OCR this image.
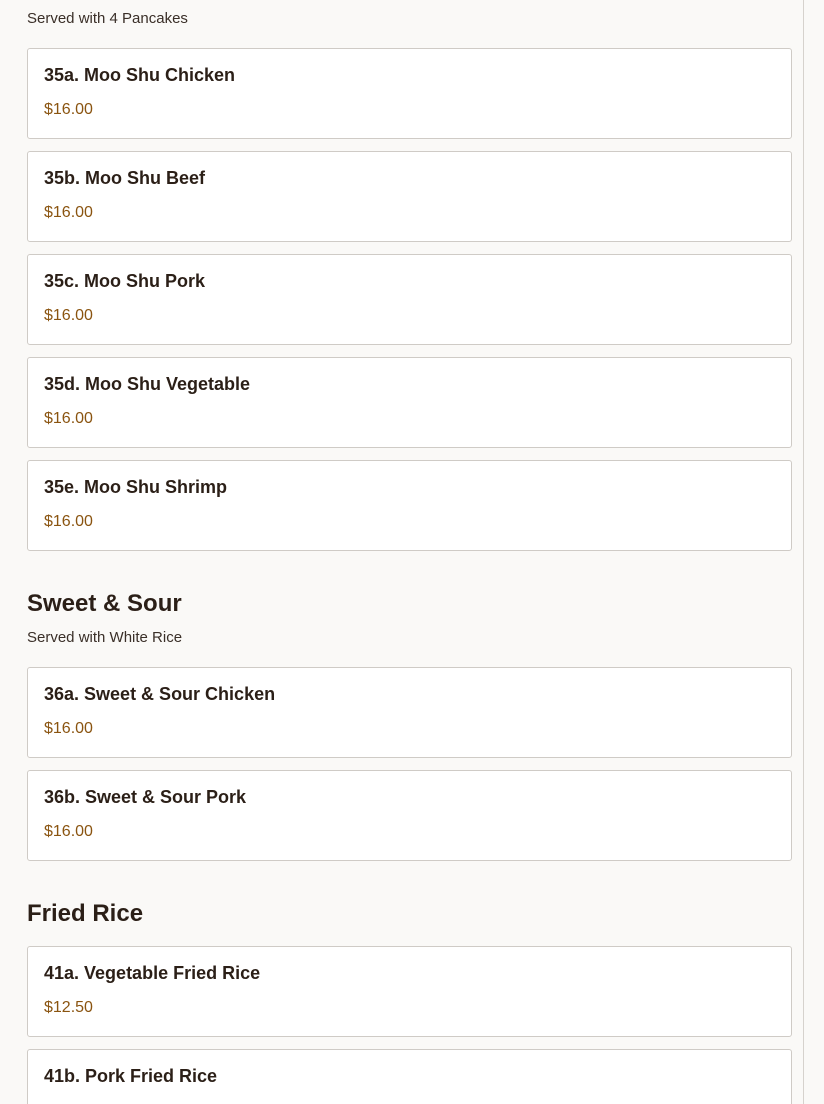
Served with 4 Pancakes
35a. Moo Shu Chicken
$16.00
35b. Moo Shu Beef
$16.00
35c. Moo Shu Pork
$16.00
35d. Moo Shu Vegetable
$16.00
35e. Moo Shu Shrimp
$16.00
Sweet & Sour
Served with White Rice
36a. Sweet & Sour Chicken
$16.00
36b. Sweet & Sour Pork
$16.00
Fried Rice
41a. Vegetable Fried Rice
$12.50
41b. Pork Fried Rice
